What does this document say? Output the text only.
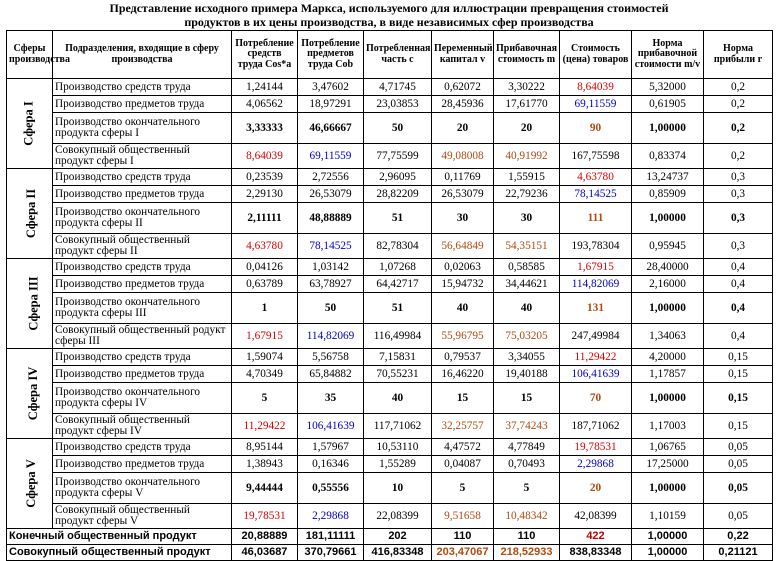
Представление исходного примера Маркса, используемого для иллюстрации превращения стоимостей
продуктов в их цены производства, в виде независимых сфер производства
Сферы производства	Подразделения, входящие в сферу производства	Потребление средств труда Cos*a	Потребление предметов труда Cob	Потребленная часть c	Переменный капитал v	Прибавочная стоимость m	Стоимость (цена) товаров	Норма прибавочной стоимости m/v	Норма прибыли r
Сфера I	Производство средств труда	1,24144	3,47602	4,71745	0,62072	3,30222	8,64039	5,32000	0,2
	Производство предметов труда	4,06562	18,97291	23,03853	28,45936	17,61770	69,11559	0,61905	0,2
	Производство окончательного продукта сферы I	3,33333	46,66667	50	20	20	90	1,00000	0,2
	Совокупный общественный продукт сферы I	8,64039	69,11559	77,75599	49,08008	40,91992	167,75598	0,83374	0,2
Сфера II	Производство средств труда	0,23539	2,72556	2,96095	0,11769	1,55915	4,63780	13,24737	0,3
	Производство предметов труда	2,29130	26,53079	28,82209	26,53079	22,79236	78,14525	0,85909	0,3
	Производство окончательного продукта сферы II	2,11111	48,88889	51	30	30	111	1,00000	0,3
	Совокупный общественный продукт сферы II	4,63780	78,14525	82,78304	56,64849	54,35151	193,78304	0,95945	0,3
Сфера III	Производство средств труда	0,04126	1,03142	1,07268	0,02063	0,58585	1,67915	28,40000	0,4
	Производство предметов труда	0,63789	63,78927	64,42717	15,94732	34,44621	114,82069	2,16000	0,4
	Производство окончательного продукта сферы III	1	50	51	40	40	131	1,00000	0,4
	Совокупный общественный родукт сферы III	1,67915	114,82069	116,49984	55,96795	75,03205	247,49984	1,34063	0,4
Сфера IV	Производство средств труда	1,59074	5,56758	7,15831	0,79537	3,34055	11,29422	4,20000	0,15
	Производство предметов труда	4,70349	65,84882	70,55231	16,46220	19,40188	106,41639	1,17857	0,15
	Производство окончательного продукта сферы IV	5	35	40	15	15	70	1,00000	0,15
	Совокупный общественный продукт сферы IV	11,29422	106,41639	117,71062	32,25757	37,74243	187,71062	1,17003	0,15
Сфера V	Производство средств труда	8,95144	1,57967	10,53110	4,47572	4,77849	19,78531	1,06765	0,05
	Производство предметов труда	1,38943	0,16346	1,55289	0,04087	0,70493	2,29868	17,25000	0,05
	Производство окончательного продукта сферы V	9,44444	0,55556	10	5	5	20	1,00000	0,05
	Совокупный общественный продукт сферы V	19,78531	2,29868	22,08399	9,51658	10,48342	42,08399	1,10159	0,05
Конечный общественный продукт		20,88889	181,11111	202	110	110	422	1,00000	0,22
Совокупный общественный продукт		46,03687	370,79661	416,83348	203,47067	218,52933	838,83348	1,00000	0,21121
